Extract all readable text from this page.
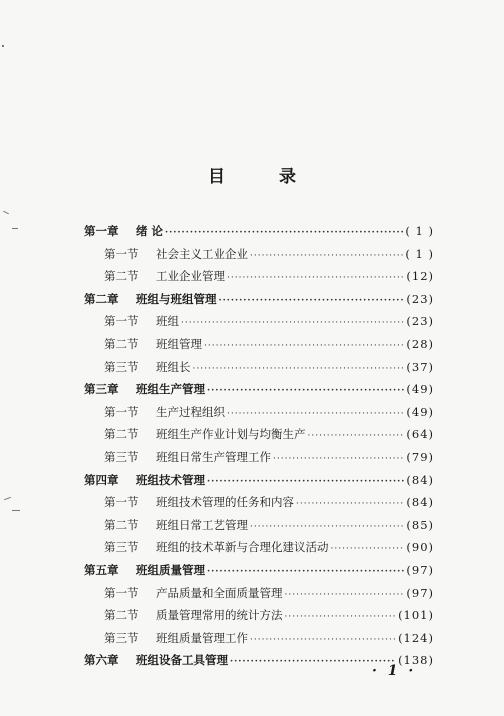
目 录
第一章	绪 论 ·····	( 1 )
第一节	社会主义工业企业 ·····	( 1 )
第二节	工业企业管理 ·····	(12)
第二章	班组与班组管理 ·····	(23)
第一节	班组 ·····	(23)
第二节	班组管理 ·····	(28)
第三节	班组长 ·····	(37)
第三章	班组生产管理 ·····	(49)
第一节	生产过程组织 ·····	(49)
第二节	班组生产作业计划与均衡生产 ·····	(64)
第三节	班组日常生产管理工作 ·····	(79)
第四章	班组技术管理 ·····	(84)
第一节	班组技术管理的任务和内容 ·····	(84)
第二节	班组日常工艺管理 ·····	(85)
第三节	班组的技术革新与合理化建议活动 ·····	(90)
第五章	班组质量管理 ·····	(97)
第一节	产品质量和全面质量管理 ·····	(97)
第二节	质量管理常用的统计方法 ·····	(101)
第三节	班组质量管理工作 ·····	(124)
第六章	班组设备工具管理 ·····	(138)
· 1 ·
